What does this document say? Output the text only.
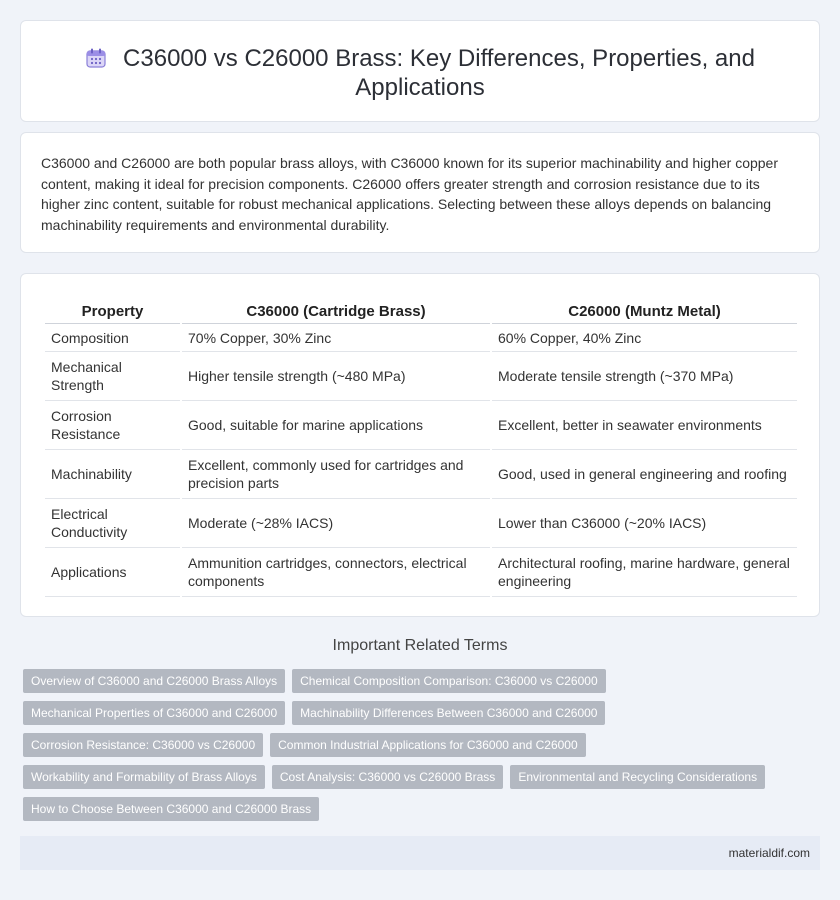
C36000 vs C26000 Brass: Key Differences, Properties, and
Applications

C36000 and C26000 are both popular brass alloys, with C36000 known for its superior machinability and higher copper content, making it ideal for precision components. C26000 offers greater strength and corrosion resistance due to its higher zinc content, suitable for robust mechanical applications. Selecting between these alloys depends on balancing machinability requirements and environmental durability.

Property	C36000 (Cartridge Brass)	C26000 (Muntz Metal)
Composition	70% Copper, 30% Zinc	60% Copper, 40% Zinc
Mechanical Strength	Higher tensile strength (~480 MPa)	Moderate tensile strength (~370 MPa)
Corrosion Resistance	Good, suitable for marine applications	Excellent, better in seawater environments
Machinability	Excellent, commonly used for cartridges and precision parts	Good, used in general engineering and roofing
Electrical Conductivity	Moderate (~28% IACS)	Lower than C36000 (~20% IACS)
Applications	Ammunition cartridges, connectors, electrical components	Architectural roofing, marine hardware, general engineering
Important Related Terms
Overview of C36000 and C26000 Brass Alloys	Chemical Composition Comparison: C36000 vs C26000
Mechanical Properties of C36000 and C26000	Machinability Differences Between C36000 and C26000
Corrosion Resistance: C36000 vs C26000	Common Industrial Applications for C36000 and C26000
Workability and Formability of Brass Alloys	Cost Analysis: C36000 vs C26000 Brass	Environmental and Recycling Considerations
How to Choose Between C36000 and C26000 Brass
materialdif.com
